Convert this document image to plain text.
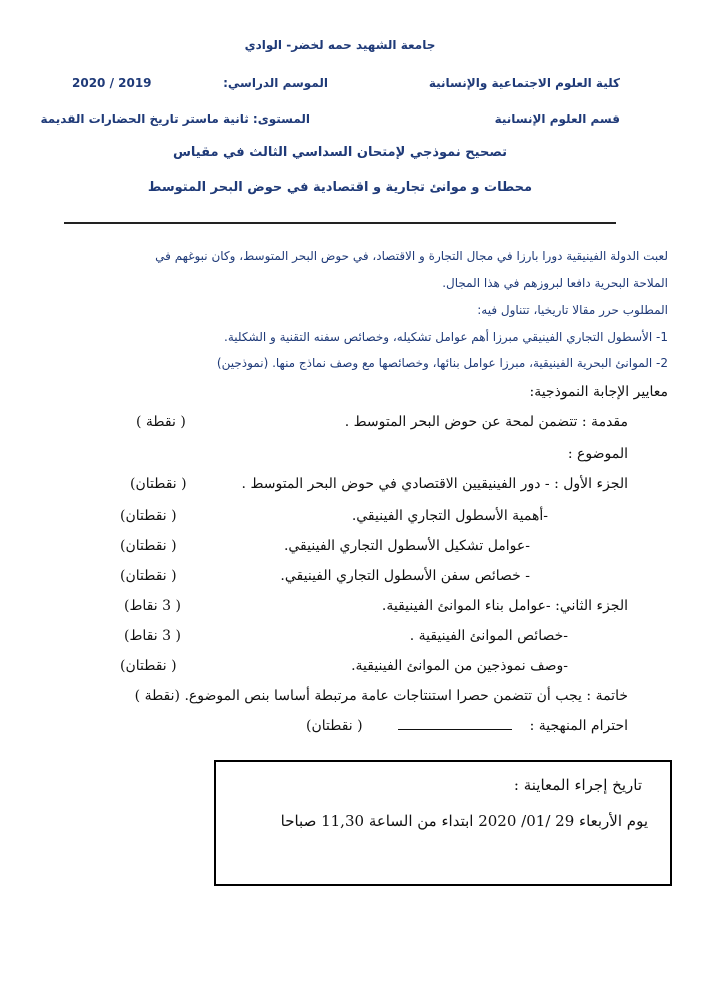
جامعة الشهيد حمه لخضر- الوادي
كلية العلوم الاجتماعية والإنسانية
الموسم الدراسي:
2020 / 2019
قسم العلوم الإنسانية
المستوى: ثانية ماستر تاريخ الحضارات القديمة
تصحيح نموذجي لإمتحان السداسي الثالث في مقياس
محطات و موانئ تجارية و اقتصادية في حوض البحر المتوسط
لعبت الدولة الفينيقية دورا بارزا في مجال التجارة و الاقتصاد، في حوض البحر المتوسط، وكان نبوغهم في
الملاحة البحرية دافعا لبروزهم في هذا المجال.
المطلوب حرر مقالا تاريخيا، تتناول فيه:
1- الأسطول التجاري الفينيقي مبرزا أهم عوامل تشكيله، وخصائص سفنه التقنية و الشكلية.
2- الموانئ البحرية الفينيقية، مبرزا عوامل بنائها، وخصائصها مع وصف نماذج منها. (نموذجين)
معايير الإجابة النموذجية:
مقدمة : تتضمن لمحة عن حوض البحر المتوسط .
( نقطة )
الموضوع :
الجزء الأول : - دور الفينيقيين الاقتصادي في حوض البحر المتوسط .
( نقطتان)
-أهمية الأسطول التجاري الفينيقي.
( نقطتان)
-عوامل تشكيل الأسطول التجاري الفينيقي.
( نقطتان)
- خصائص سفن الأسطول التجاري الفينيقي.
( نقطتان)
الجزء الثاني: -عوامل بناء الموانئ الفينيقية.
( 3 نقاط)
-خصائص الموانئ الفينيقية .
( 3 نقاط)
-وصف نموذجين من الموانئ الفينيقية.
( نقطتان)
خاتمة : يجب أن تتضمن حصرا استنتاجات عامة مرتبطة أساسا بنص الموضوع. (نقطة )
احترام المنهجية :
( نقطتان)
تاريخ إجراء المعاينة :
يوم الأربعاء 29 /01/ 2020 ابتداء من الساعة 11,30 صباحا
